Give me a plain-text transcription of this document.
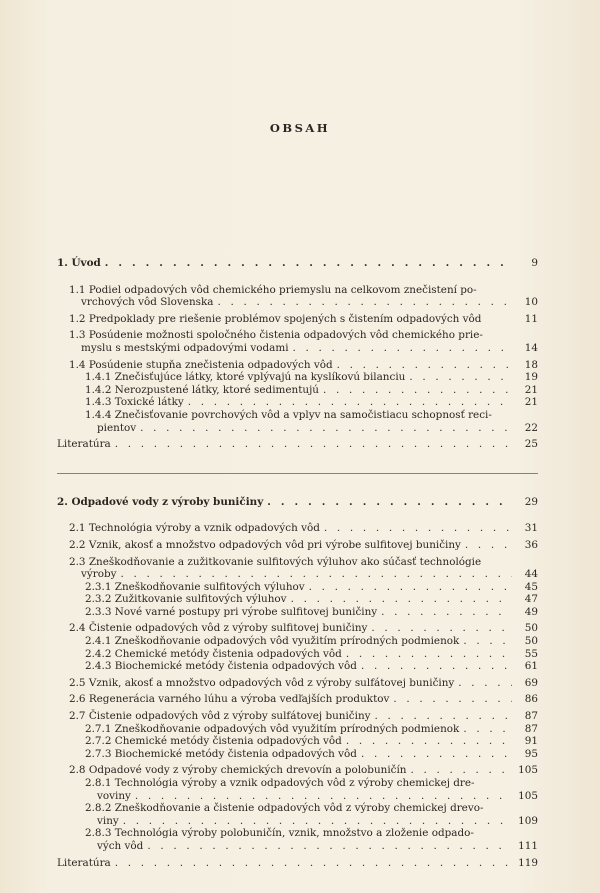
OBSAH
1. Úvod . . .	9
1.1 Podiel odpadových vôd chemického priemyslu na celkovom znečistení po-
vrchových vôd Slovenska . . .	10
1.2 Predpoklady pre riešenie problémov spojených s čistením odpadových vôd	11
1.3 Posúdenie možnosti spoločného čistenia odpadových vôd chemického prie-
myslu s mestskými odpadovými vodami . . .	14
1.4 Posúdenie stupňa znečistenia odpadových vôd . . .	18
1.4.1 Znečisťujúce látky, ktoré vplývajú na kyslíkovú bilanciu . . .	19
1.4.2 Nerozpustené látky, ktoré sedimentujú . . .	21
1.4.3 Toxické látky . . .	21
1.4.4 Znečisťovanie povrchových vôd a vplyv na samočistiacu schopnosť reci-
pientov . . .	22
Literatúra . . .	25
2. Odpadové vody z výroby buničiny . . .	29
2.1 Technológia výroby a vznik odpadových vôd . . .	31
2.2 Vznik, akosť a množstvo odpadových vôd pri výrobe sulfitovej buničiny . . .	36
2.3 Zneškodňovanie a zužitkovanie sulfitových výluhov ako súčasť technológie
výroby . . .	44
2.3.1 Zneškodňovanie sulfitových výluhov . . .	45
2.3.2 Zužitkovanie sulfitových výluhov . . .	47
2.3.3 Nové varné postupy pri výrobe sulfitovej buničiny . . .	49
2.4 Čistenie odpadových vôd z výroby sulfitovej buničiny . . .	50
2.4.1 Zneškodňovanie odpadových vôd využitím prírodných podmienok . . .	50
2.4.2 Chemické metódy čistenia odpadových vôd . . .	55
2.4.3 Biochemické metódy čistenia odpadových vôd . . .	61
2.5 Vznik, akosť a množstvo odpadových vôd z výroby sulfátovej buničiny . . .	69
2.6 Regenerácia varného lúhu a výroba vedľajších produktov . . .	86
2.7 Čistenie odpadových vôd z výroby sulfátovej buničiny . . .	87
2.7.1 Zneškodňovanie odpadových vôd využitím prírodných podmienok . . .	87
2.7.2 Chemické metódy čistenia odpadových vôd . . .	91
2.7.3 Biochemické metódy čistenia odpadových vôd . . .	95
2.8 Odpadové vody z výroby chemických drevovín a polobuničín . . .	105
2.8.1 Technológia výroby a vznik odpadových vôd z výroby chemickej dre-
voviny . . .	105
2.8.2 Zneškodňovanie a čistenie odpadových vôd z výroby chemickej drevo-
viny . . .	109
2.8.3 Technológia výroby polobuničín, vznik, množstvo a zloženie odpado-
vých vôd . . .	111
Literatúra . . .	119
